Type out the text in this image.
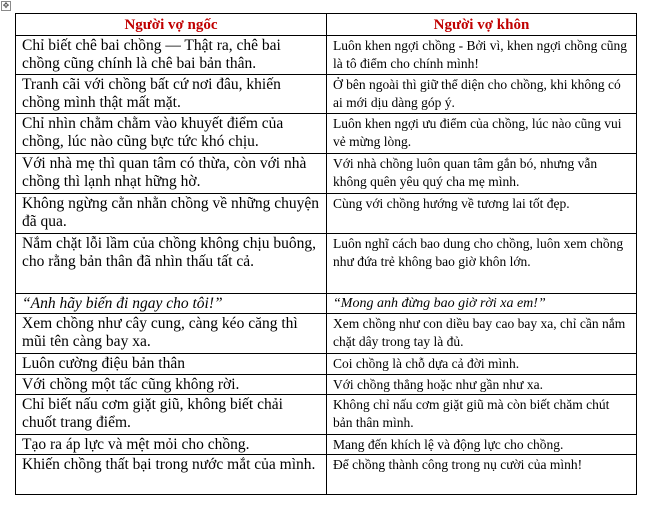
✥
Người vợ ngốc	Người vợ khôn
Chỉ biết chê bai chồng — Thật ra, chê bai chồng cũng chính là chê bai bản thân.	Luôn khen ngợi chồng - Bởi vì, khen ngợi chồng cũng là tô điểm cho chính mình!
Tranh cãi với chồng bất cứ nơi đâu, khiến chồng mình thật mất mặt.	Ở bên ngoài thì giữ thể diện cho chồng, khi không có ai mới dịu dàng góp ý.
Chỉ nhìn chằm chằm vào khuyết điểm của chồng, lúc nào cũng bực tức khó chịu.	Luôn khen ngợi ưu điểm của chồng, lúc nào cũng vui vẻ mừng lòng.
Với nhà mẹ thì quan tâm có thừa, còn với nhà chồng thì lạnh nhạt hững hờ.	Với nhà chồng luôn quan tâm gắn bó, nhưng vẫn không quên yêu quý cha mẹ mình.
Không ngừng cằn nhằn chồng về những chuyện đã qua.	Cùng với chồng hướng về tương lai tốt đẹp.
Nắm chặt lỗi lầm của chồng không chịu buông, cho rằng bản thân đã nhìn thấu tất cả.	Luôn nghĩ cách bao dung cho chồng, luôn xem chồng như đứa trẻ không bao giờ khôn lớn.
“Anh hãy biến đi ngay cho tôi!”	“Mong anh đừng bao giờ rời xa em!”
Xem chồng như cây cung, càng kéo căng thì mũi tên càng bay xa.	Xem chồng như con diều bay cao bay xa, chỉ cần nắm chặt dây trong tay là đủ.
Luôn cường điệu bản thân	Coi chồng là chỗ dựa cả đời mình.
Với chồng một tấc cũng không rời.	Với chồng thẳng hoặc như gần như xa.
Chỉ biết nấu cơm giặt giũ, không biết chải chuốt trang điểm.	Không chỉ nấu cơm giặt giũ mà còn biết chăm chút bản thân mình.
Tạo ra áp lực và mệt mỏi cho chồng.	Mang đến khích lệ và động lực cho chồng.
Khiến chồng thất bại trong nước mắt của mình.	Để chồng thành công trong nụ cười của mình!
